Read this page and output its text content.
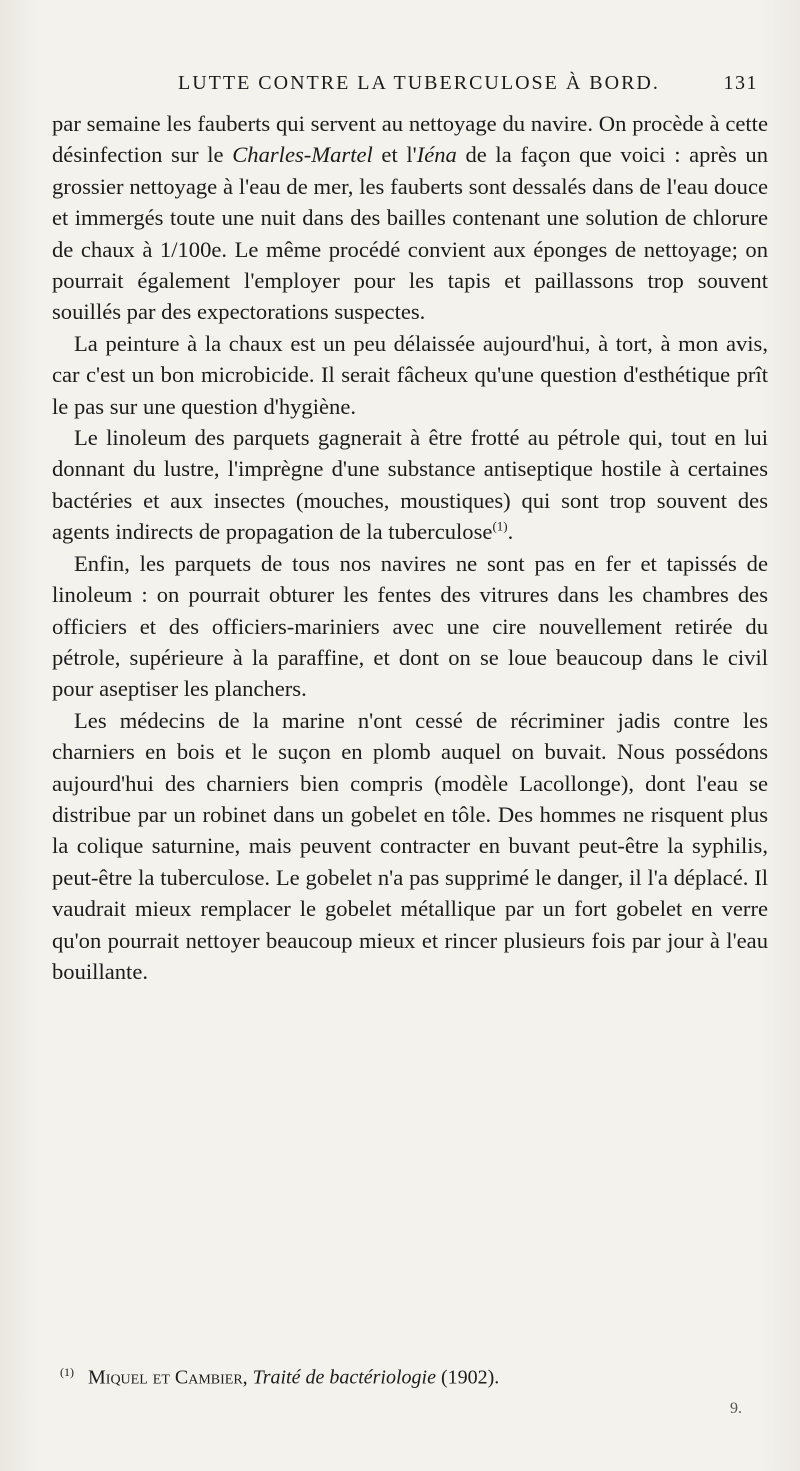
LUTTE CONTRE LA TUBERCULOSE À BORD.	131

par semaine les fauberts qui servent au nettoyage du navire. On procède à cette désinfection sur le Charles-Martel et l'Iéna de la façon que voici : après un grossier nettoyage à l'eau de mer, les fauberts sont dessalés dans de l'eau douce et immergés toute une nuit dans des bailles contenant une solution de chlorure de chaux à 1/100e. Le même procédé convient aux éponges de nettoyage; on pourrait également l'employer pour les tapis et paillassons trop souvent souillés par des expectorations suspectes.

La peinture à la chaux est un peu délaissée aujourd'hui, à tort, à mon avis, car c'est un bon microbicide. Il serait fâcheux qu'une question d'esthétique prît le pas sur une question d'hygiène.

Le linoleum des parquets gagnerait à être frotté au pétrole qui, tout en lui donnant du lustre, l'imprègne d'une substance antiseptique hostile à certaines bactéries et aux insectes (mouches, moustiques) qui sont trop souvent des agents indirects de propagation de la tuberculose$^{(1)}$.

Enfin, les parquets de tous nos navires ne sont pas en fer et tapissés de linoleum : on pourrait obturer les fentes des vitrures dans les chambres des officiers et des officiers-mariniers avec une cire nouvellement retirée du pétrole, supérieure à la paraffine, et dont on se loue beaucoup dans le civil pour aseptiser les planchers.

Les médecins de la marine n'ont cessé de récriminer jadis contre les charniers en bois et le suçon en plomb auquel on buvait. Nous possédons aujourd'hui des charniers bien compris (modèle Lacollonge), dont l'eau se distribue par un robinet dans un gobelet en tôle. Des hommes ne risquent plus la colique saturnine, mais peuvent contracter en buvant peut-être la syphilis, peut-être la tuberculose. Le gobelet n'a pas supprimé le danger, il l'a déplacé. Il vaudrait mieux remplacer le gobelet métallique par un fort gobelet en verre qu'on pourrait nettoyer beaucoup mieux et rincer plusieurs fois par jour à l'eau bouillante.

$^{(1)}$ Miquel et Cambier, Traité de bactériologie (1902).
9.
